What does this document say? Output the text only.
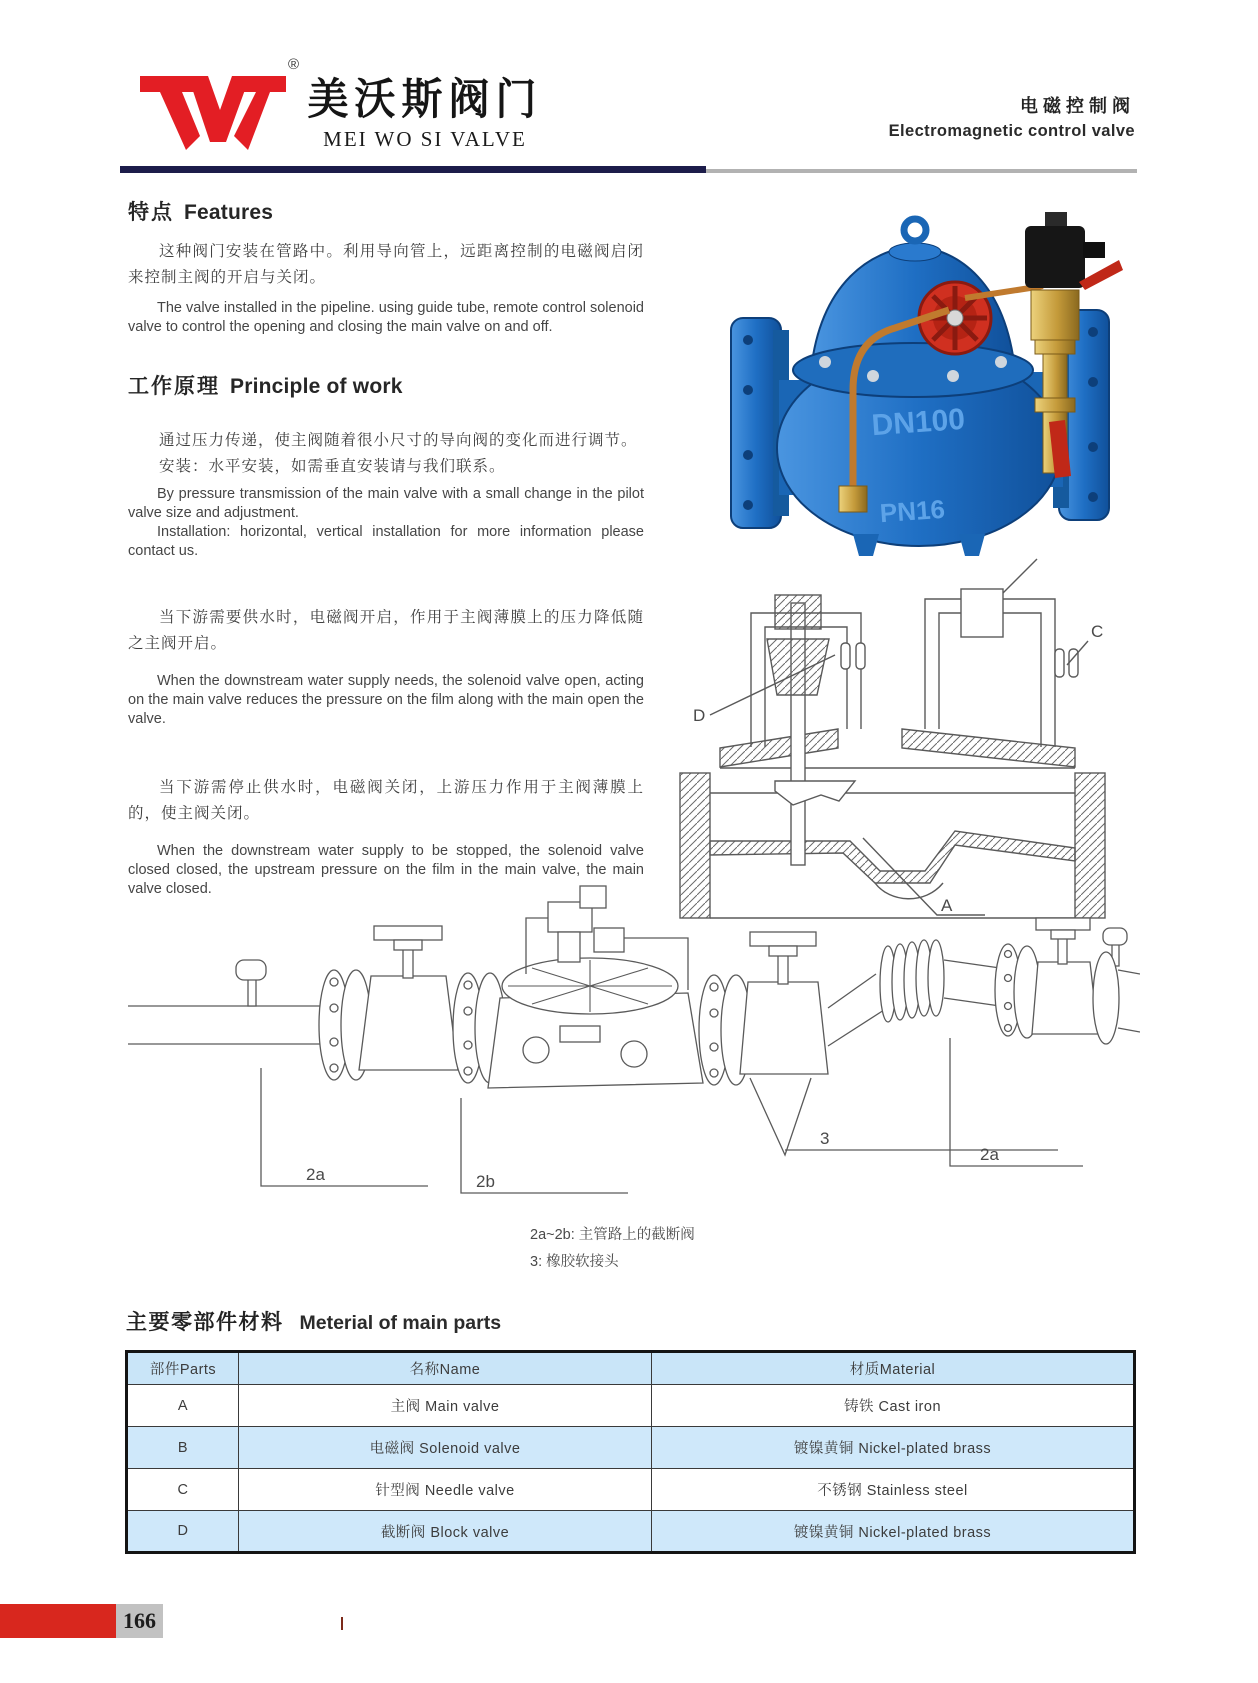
®
美沃斯阀门
MEI WO SI VALVE
电磁控制阀
Electromagnetic control valve
特点 Features

这种阀门安装在管路中。利用导向管上，远距离控制的电磁阀启闭来控制主阀的开启与关闭。

The valve installed in the pipeline. using guide tube, remote control solenoid valve to control the opening and closing the main valve on and off.

工作原理 Principle of work

通过压力传递，使主阀随着很小尺寸的导向阀的变化而进行调节。

安装：水平安装，如需垂直安装请与我们联系。

By pressure transmission of the main valve with a small change in the pilot valve size and adjustment.

Installation: horizontal, vertical installation for more information please contact us.

当下游需要供水时，电磁阀开启，作用于主阀薄膜上的压力降低随之主阀开启。

When the downstream water supply needs, the solenoid valve open, acting on the main valve reduces the pressure on the film along with the main open the valve.

当下游需停止供水时，电磁阀关闭，上游压力作用于主阀薄膜上的，使主阀关闭。

When the downstream water supply to be stopped, the solenoid valve closed closed, the upstream pressure on the film in the main valve, the main valve closed.

DN100
PN16
D
C
A
2a	2b
3
2a
2a~2b: 主管路上的截断阀
3: 橡胶软接头
主要零部件材料 Meterial of main parts
部件Parts	名称Name	材质Material
A	主阀 Main valve	铸铁 Cast iron
B	电磁阀 Solenoid valve	镀镍黄铜 Nickel-plated brass
C	针型阀 Needle valve	不锈钢 Stainless steel
D	截断阀 Block valve	镀镍黄铜 Nickel-plated brass
166
